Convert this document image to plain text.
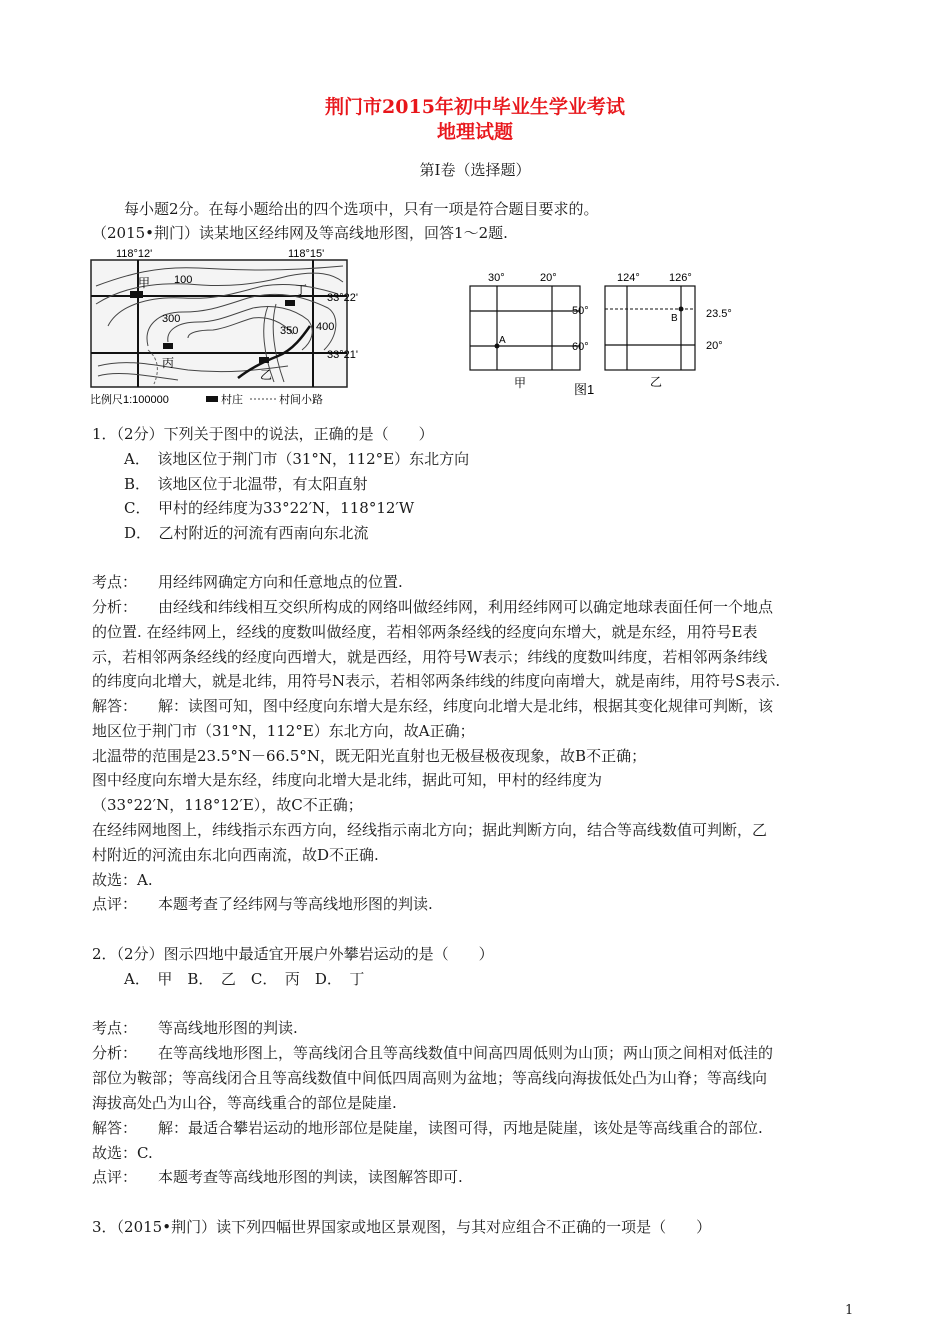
荆门市2015年初中毕业生学业考试
地理试题
第I卷（选择题）
每小题2分。在每小题给出的四个选项中，只有一项是符合题目要求的。
（2015•荆门）读某地区经纬网及等高线地形图，回答1～2题.
118°12'	118°15'
33°22'
33°21'
100
300
350 400
甲
丙
乙
丁
比例尺1:100000	村庄	村间小路
30°	20°
50°
60°
A
甲
124°	126°
23.5°
20°
B
乙
图1
1．（2分）下列关于图中的说法，正确的是（　　）
A．　该地区位于荆门市（31°N，112°E）东北方向
B．　该地区位于北温带，有太阳直射
C．　甲村的经纬度为33°22′N，118°12′W
D．　乙村附近的河流有西南向东北流
考点： 用经纬网确定方向和任意地点的位置.
分析： 由经线和纬线相互交织所构成的网络叫做经纬网，利用经纬网可以确定地球表面任何一个地点
的位置. 在经纬网上，经线的度数叫做经度，若相邻两条经线的经度向东增大，就是东经，用符号E表
示，若相邻两条经线的经度向西增大，就是西经，用符号W表示；纬线的度数叫纬度，若相邻两条纬线
的纬度向北增大，就是北纬，用符号N表示，若相邻两条纬线的纬度向南增大，就是南纬，用符号S表示.
解答： 解：读图可知，图中经度向东增大是东经，纬度向北增大是北纬，根据其变化规律可判断，该
地区位于荆门市（31°N，112°E）东北方向，故A正确；
北温带的范围是23.5°N－66.5°N，既无阳光直射也无极昼极夜现象，故B不正确；
图中经度向东增大是东经，纬度向北增大是北纬，据此可知，甲村的经纬度为
（33°22′N，118°12′E），故C不正确；
在经纬网地图上，纬线指示东西方向，经线指示南北方向；据此判断方向，结合等高线数值可判断，乙
村附近的河流由东北向西南流，故D不正确.
故选：A.
点评： 本题考查了经纬网与等高线地形图的判读.
2．（2分）图示四地中最适宜开展户外攀岩运动的是（　　）
A．　甲　B．　乙　C．　丙　D．　丁
考点： 等高线地形图的判读.
分析： 在等高线地形图上，等高线闭合且等高线数值中间高四周低则为山顶；两山顶之间相对低洼的
部位为鞍部；等高线闭合且等高线数值中间低四周高则为盆地；等高线向海拔低处凸为山脊；等高线向
海拔高处凸为山谷，等高线重合的部位是陡崖.
解答： 解：最适合攀岩运动的地形部位是陡崖，读图可得，丙地是陡崖，该处是等高线重合的部位.
故选：C.
点评： 本题考查等高线地形图的判读，读图解答即可.
3．（2015•荆门）读下列四幅世界国家或地区景观图，与其对应组合不正确的一项是（　　）
1
